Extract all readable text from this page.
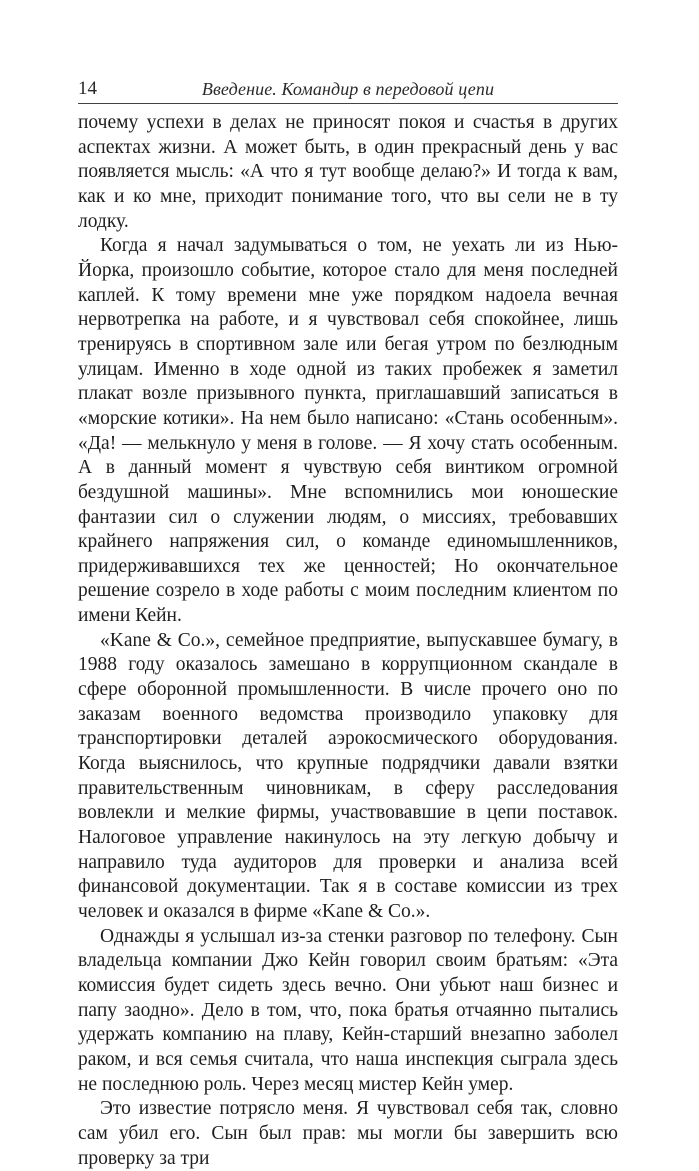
14	Введение. Командир в передовой цепи

почему успехи в делах не приносят покоя и счастья в других аспектах жизни. А может быть, в один прекрасный день у вас появляется мысль: «А что я тут вообще делаю?» И тогда к вам, как и ко мне, приходит понимание того, что вы сели не в ту лодку.

Когда я начал задумываться о том, не уехать ли из Нью-Йорка, произошло событие, которое стало для меня последней каплей. К тому времени мне уже порядком надоела вечная нервотрепка на работе, и я чувствовал себя спокойнее, лишь тренируясь в спортивном зале или бегая утром по безлюдным улицам. Именно в ходе одной из таких пробежек я заметил плакат возле призывного пункта, приглашавший записаться в «морские котики». На нем было написано: «Стань особенным». «Да! — мелькнуло у меня в голове. — Я хочу стать особенным. А в данный момент я чувствую себя винтиком огромной бездушной машины». Мне вспомнились мои юношеские фантазии сил о служении людям, о миссиях, требовавших крайнего напряжения сил, о команде единомышленников, придерживавшихся тех же ценностей; Но окончательное решение созрело в ходе работы с моим последним клиентом по имени Кейн.

«Kane & Co.», семейное предприятие, выпускавшее бумагу, в 1988 году оказалось замешано в коррупционном скандале в сфере оборонной промышленности. В числе прочего оно по заказам военного ведомства производило упаковку для транспортировки деталей аэрокосмического оборудования. Когда выяснилось, что крупные подрядчики давали взятки правительственным чиновникам, в сферу расследования вовлекли и мелкие фирмы, участвовавшие в цепи поставок. Налоговое управление накинулось на эту легкую добычу и направило туда аудиторов для проверки и анализа всей финансовой документации. Так я в составе комиссии из трех человек и оказался в фирме «Kane & Co.».

Однажды я услышал из-за стенки разговор по телефону. Сын владельца компании Джо Кейн говорил своим братьям: «Эта комиссия будет сидеть здесь вечно. Они убьют наш бизнес и папу заодно». Дело в том, что, пока братья отчаянно пытались удержать компанию на плаву, Кейн-старший внезапно заболел раком, и вся семья считала, что наша инспекция сыграла здесь не последнюю роль. Через месяц мистер Кейн умер.

Это известие потрясло меня. Я чувствовал себя так, словно сам убил его. Сын был прав: мы могли бы завершить всю проверку за три
